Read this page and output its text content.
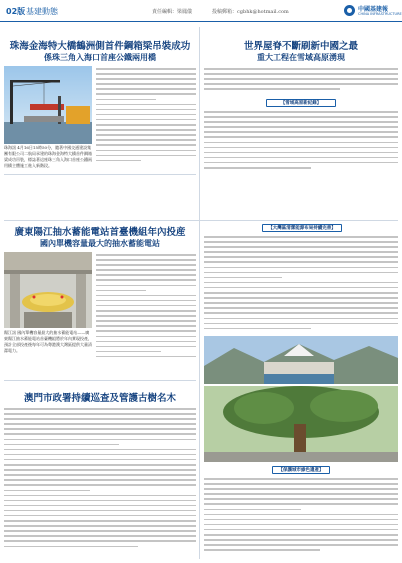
02版 基建動態	責任編輯：梁鳳儀	投稿郵箱：cgbhk@hotmail.com	中國基建報
CHINA INFRASTRUCTURE
珠海金海特大橋鶴洲側首件鋼箱梁吊裝成功
係珠三角入海口首座公鐵兩用橋
珠海訊 4月16日15時50分，隨著中國交通建設集團有限公司二航局承建的珠海金海特大橋首件鋼箱梁成功吊裝，標誌著這座珠三角入海口首座公鐵兩用橋主體施工進入新階段。
世界屋脊不斷刷新中國之最
重大工程在雪域高原湧現
【雪域高原新紀錄】
廣東陽江抽水蓄能電站首臺機組年內投産
國內單機容量最大的抽水蓄能電站
陽江訊 國內單機容量最大的抽水蓄能電站——廣東陽江抽水蓄能電站首臺機組將於年內實現投產，預計全部投產後每年可為粵港澳大灣區提供大量清潔電力。
【大灣區清潔能源布局持續完善】
澳門市政署持續巡查及管護古樹名木
【保護城市綠色遺產】
